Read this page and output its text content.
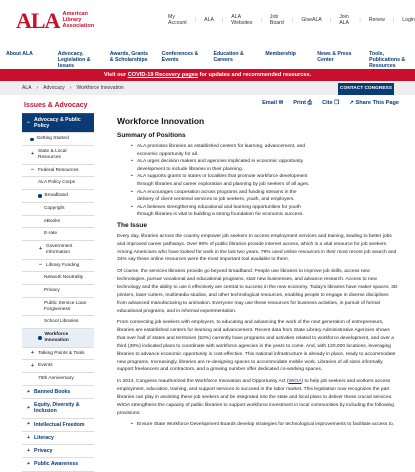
ALA American
Library
Association
My Account | ALA | ALA Websites | Job Board | GiveALA | Join ALA	| Renew | Login
About ALA	Advocacy, Legislation & Issues
Awards, Grants & Scholarships
Conferences & Events
Education & Careers
Membership	News & Press Center
Tools, Publications & Resources
Visit our COVID-19 Recovery pages for updates and recommended resources.
ALA › Advocacy › Workforce Innovation	CONTACT CONGRESS
Issues & Advocacy
− Advocacy & Public Policy
Getting Started
+ State & Local Resources
− Federal Resources
ALA Policy Corps
Broadband
Copyright
eBooks
E-rate
+ Government Information
− Library Funding
Network Neutrality
Privacy
Public Service Loan Forgiveness
School Libraries
Workforce Innovation
+ Talking Points & Tools
+ Events
75th Anniversary
+ Banned Books
+ Equity, Diversity & Inclusion
+ Intellectual Freedom
+ Literacy
+ Privacy
+ Public Awareness
Email ✉ Print ⎙ Cite ❐ ↗ Share This Page
Workforce Innovation
Summary of Positions
• ALA promotes libraries as established centers for learning, advancement, and economic opportunity for all.
• ALA urges decision makers and agencies implicated in economic opportunity development to include libraries in their planning.
• ALA supports grants to states or localities that promote workforce development through libraries and career exploration and planning by job seekers of all ages.
• ALA encourages cooperation across programs and funding streams in the delivery of client-centered services to job seekers, youth, and employers.
• ALA believes strengthening educational and learning opportunities for youth through libraries is vital to building a strong foundation for economic success.
The Issue

Every day, libraries across the country empower job seekers to access employment services and training, leading to better jobs and improved career pathways. Over 99% of public libraries provide internet access, which is a vital resource for job seekers. Among Americans who have looked for work in the last two years, 79% used online resources in their most recent job search and 34% say these online resources were the most important tool available to them.

Of course, the services libraries provide go beyond broadband. People use libraries to improve job skills, access new technologies, pursue vocational and educational programs, start new businesses, and advance research. Access to new technology and the ability to use it effectively are central to success in the new economy. Today's libraries have maker spaces, 3D printers, laser cutters, multimedia studios, and other technological resources, enabling people to engage in diverse disciplines from advanced manufacturing to animation. Everyone may use these resources for business activities, in pursuit of formal educational programs, and in informal experimentation.

From connecting job seekers with employers, to educating and advancing the work of the next generation of entrepreneurs, libraries are established centers for learning and advancement. Recent data from State Library Administrative Agencies shows that over half of states and territories (52%) currently have programs and activities related to workforce development, and over a third (39%) indicated plans to coordinate with workforce agencies in the years to come. And, with 120,000 locations, leveraging libraries to advance economic opportunity is cost-effective. This national infrastructure is already in place, ready to accommodate new programs. Increasingly, libraries are re-designing spaces to accommodate mobile work. Libraries of all sizes informally support freelancers and contractors, and a growing number offer dedicated co-working spaces.

In 2014, Congress reauthorized the Workforce Innovation and Opportunity Act (WIOA) to help job seekers and workers access employment, education, training, and support services to succeed in the labor market. This legislation now recognizes the part libraries can play in assisting these job seekers and be integrated into the state and local plans to deliver these crucial services. WIOA strengthens the capacity of public libraries to support workforce investment in local communities by including the following provisions:

• Ensure State Workforce Development Boards develop strategies for technological improvements to facilitate access to,
